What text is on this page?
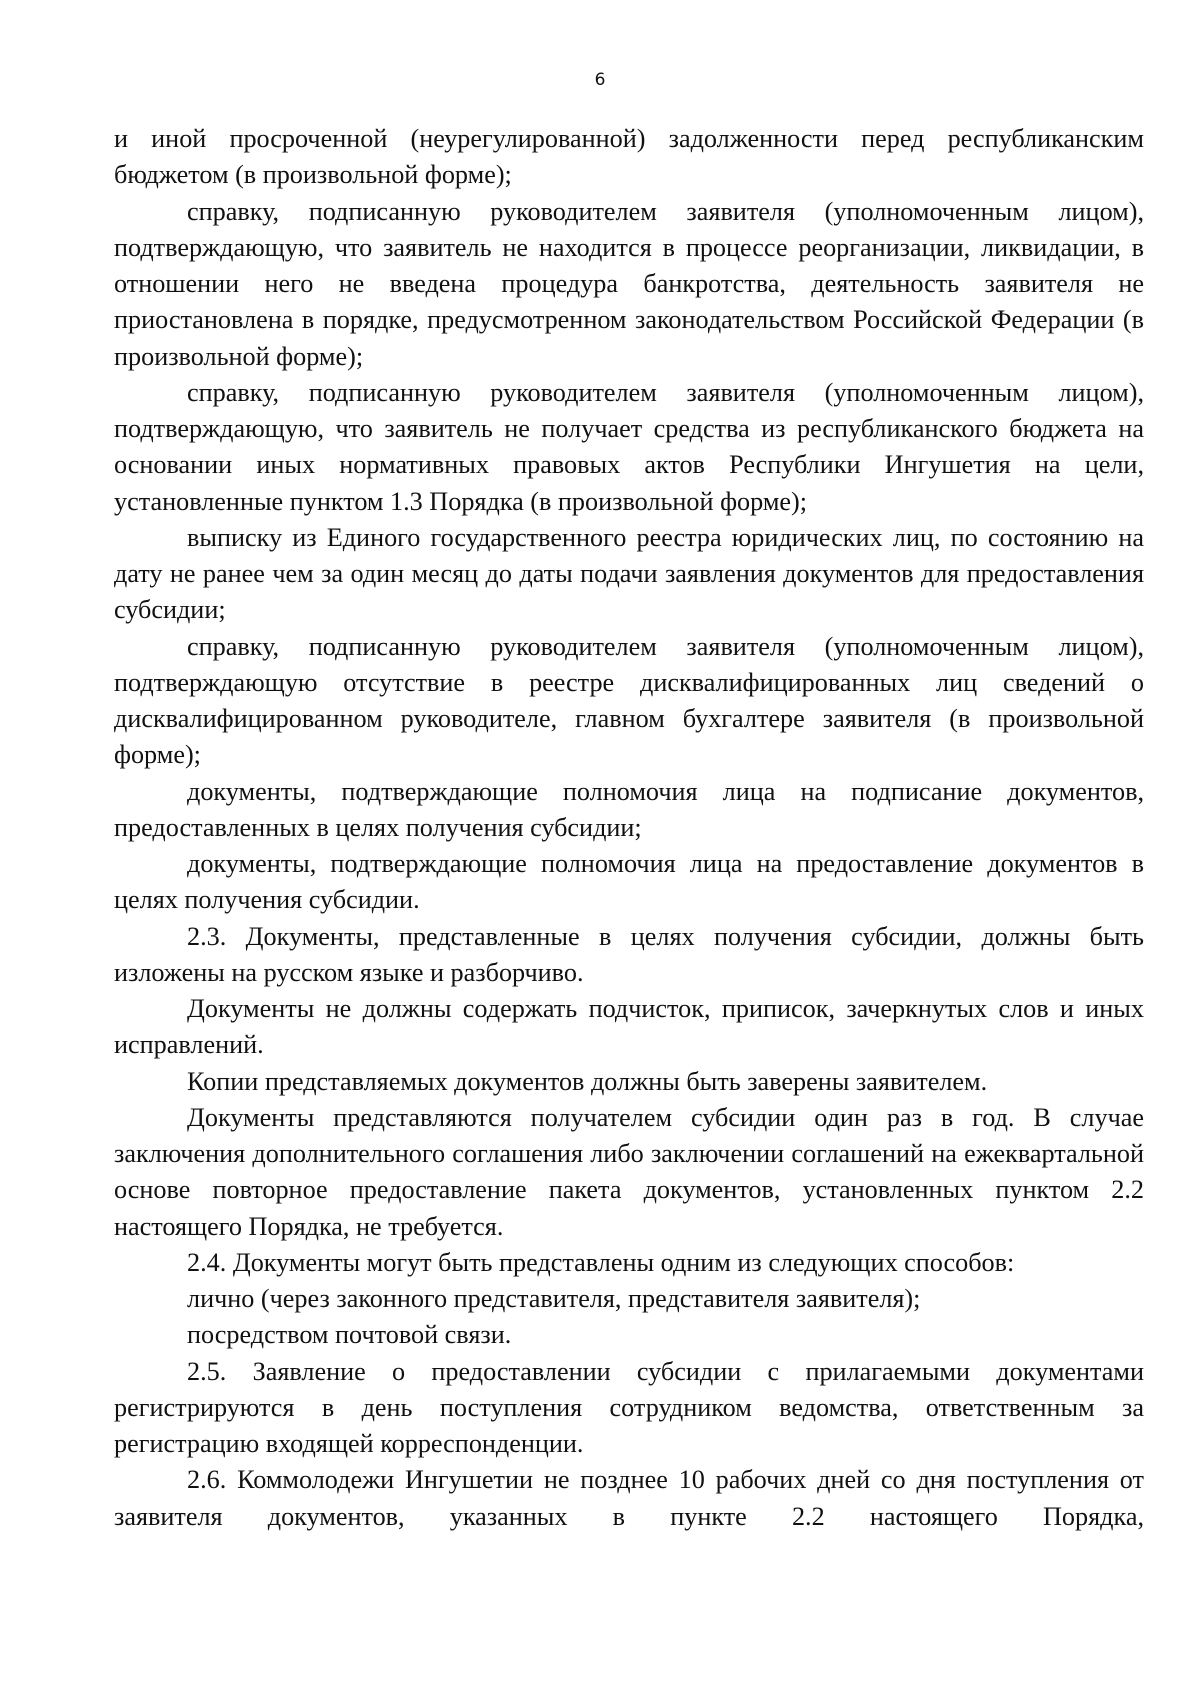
6

и иной просроченной (неурегулированной) задолженности перед республиканским бюджетом (в произвольной форме);

справку, подписанную руководителем заявителя (уполномоченным лицом), подтверждающую, что заявитель не находится в процессе реорганизации, ликвидации, в отношении него не введена процедура банкротства, деятельность заявителя не приостановлена в порядке, предусмотренном законодательством Российской Федерации (в произвольной форме);

справку, подписанную руководителем заявителя (уполномоченным лицом), подтверждающую, что заявитель не получает средства из республиканского бюджета на основании иных нормативных правовых актов Республики Ингушетия на цели, установленные пунктом 1.3 Порядка (в произвольной форме);

выписку из Единого государственного реестра юридических лиц, по состоянию на дату не ранее чем за один месяц до даты подачи заявления документов для предоставления субсидии;

справку, подписанную руководителем заявителя (уполномоченным лицом), подтверждающую отсутствие в реестре дисквалифицированных лиц сведений о дисквалифицированном руководителе, главном бухгалтере заявителя (в произвольной форме);

документы, подтверждающие полномочия лица на подписание документов, предоставленных в целях получения субсидии;

документы, подтверждающие полномочия лица на предоставление документов в целях получения субсидии.

2.3. Документы, представленные в целях получения субсидии, должны быть изложены на русском языке и разборчиво.

Документы не должны содержать подчисток, приписок, зачеркнутых слов и иных исправлений.

Копии представляемых документов должны быть заверены заявителем.

Документы представляются получателем субсидии один раз в год. В случае заключения дополнительного соглашения либо заключении соглашений на ежеквартальной основе повторное предоставление пакета документов, установленных пунктом 2.2 настоящего Порядка, не требуется.

2.4. Документы могут быть представлены одним из следующих способов:

лично (через законного представителя, представителя заявителя);

посредством почтовой связи.

2.5. Заявление о предоставлении субсидии с прилагаемыми документами регистрируются в день поступления сотрудником ведомства, ответственным за регистрацию входящей корреспонденции.

2.6. Коммолодежи Ингушетии не позднее 10 рабочих дней со дня поступления от заявителя документов, указанных в пункте 2.2 настоящего Порядка,
